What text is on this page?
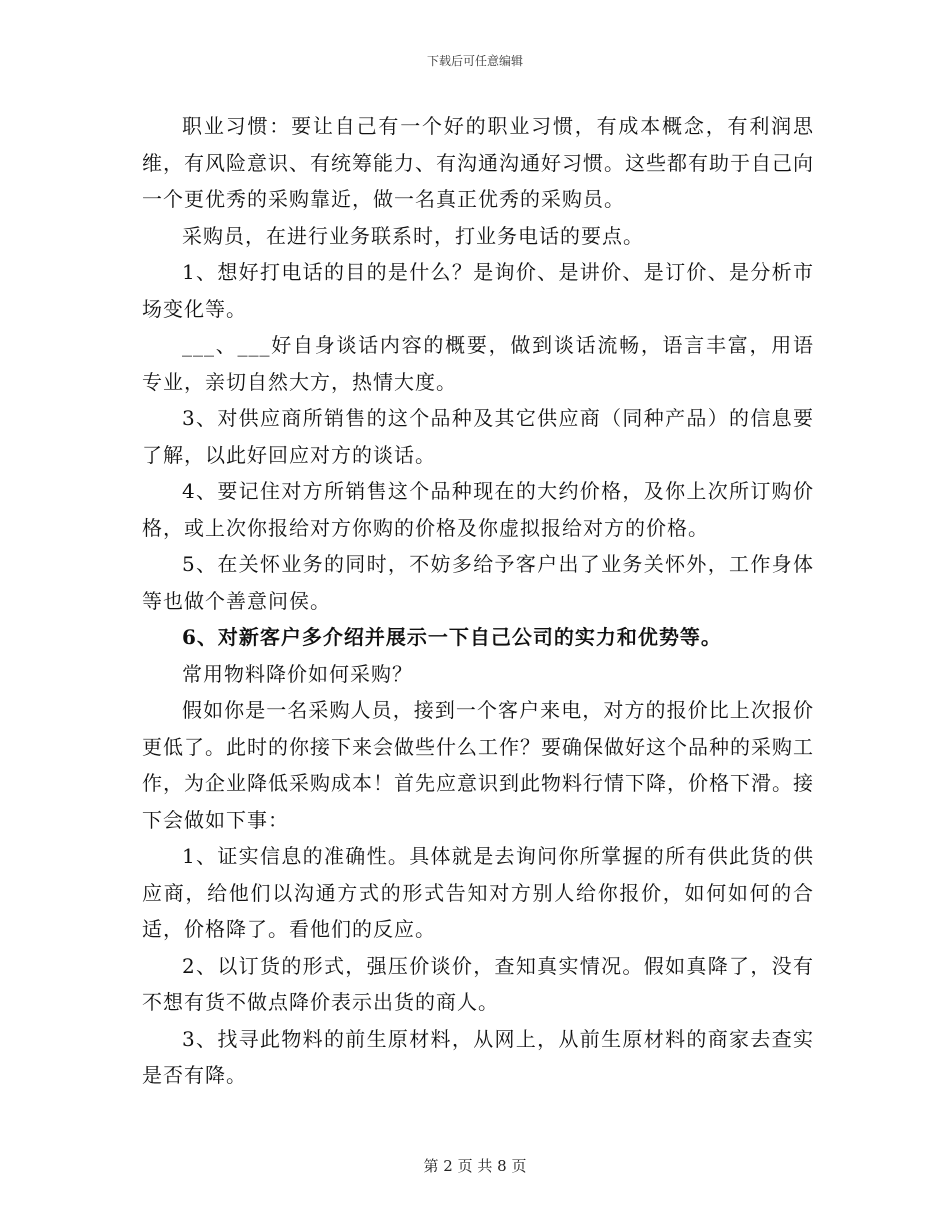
下载后可任意编辑

职业习惯：要让自己有一个好的职业习惯，有成本概念，有利润思维，有风险意识、有统筹能力、有沟通沟通好习惯。这些都有助于自己向一个更优秀的采购靠近，做一名真正优秀的采购员。

采购员，在进行业务联系时，打业务电话的要点。

1、想好打电话的目的是什么？是询价、是讲价、是订价、是分析市场变化等。

___、___好自身谈话内容的概要，做到谈话流畅，语言丰富，用语专业，亲切自然大方，热情大度。

3、对供应商所销售的这个品种及其它供应商（同种产品）的信息要了解，以此好回应对方的谈话。

4、要记住对方所销售这个品种现在的大约价格，及你上次所订购价格，或上次你报给对方你购的价格及你虚拟报给对方的价格。

5、在关怀业务的同时，不妨多给予客户出了业务关怀外，工作身体等也做个善意问侯。

6、对新客户多介绍并展示一下自己公司的实力和优势等。

常用物料降价如何采购？

假如你是一名采购人员，接到一个客户来电，对方的报价比上次报价更低了。此时的你接下来会做些什么工作？要确保做好这个品种的采购工作，为企业降低采购成本！首先应意识到此物料行情下降，价格下滑。接下会做如下事：

1、证实信息的准确性。具体就是去询问你所掌握的所有供此货的供应商，给他们以沟通方式的形式告知对方别人给你报价，如何如何的合适，价格降了。看他们的反应。

2、以订货的形式，强压价谈价，查知真实情况。假如真降了，没有不想有货不做点降价表示出货的商人。

3、找寻此物料的前生原材料，从网上，从前生原材料的商家去查实是否有降。

第 2 页 共 8 页
